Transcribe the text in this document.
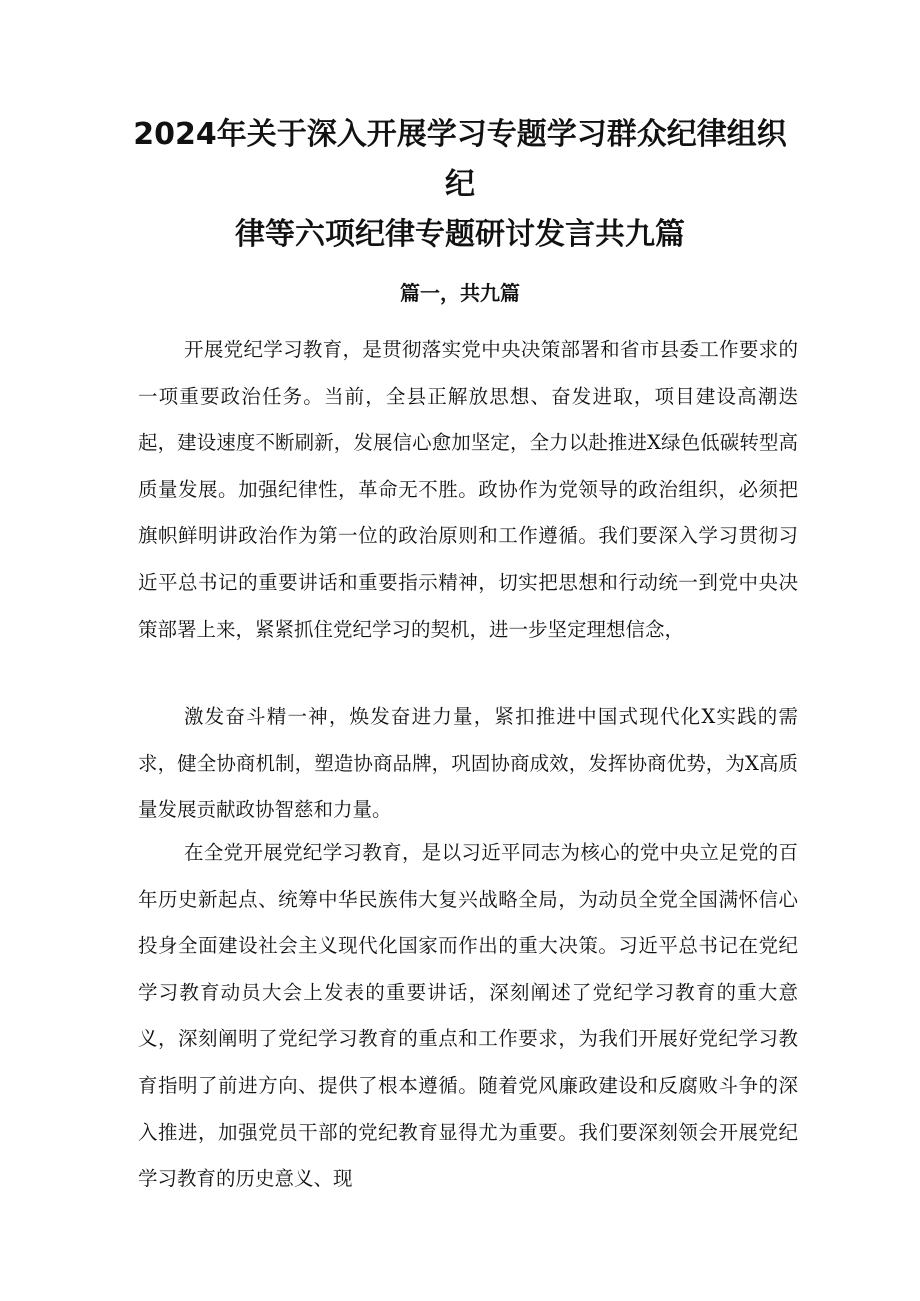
2024年关于深入开展学习专题学习群众纪律组织纪
律等六项纪律专题研讨发言共九篇
篇一，共九篇

开展党纪学习教育，是贯彻落实党中央决策部署和省市县委工作要求的一项重要政治任务。当前，全县正解放思想、奋发进取，项目建设高潮迭起，建设速度不断刷新，发展信心愈加坚定，全力以赴推进X绿色低碳转型高质量发展。加强纪律性，革命无不胜。政协作为党领导的政治组织，必须把旗帜鲜明讲政治作为第一位的政治原则和工作遵循。我们要深入学习贯彻习近平总书记的重要讲话和重要指示精神，切实把思想和行动统一到党中央决策部署上来，紧紧抓住党纪学习的契机，进一步坚定理想信念，

激发奋斗精一神，焕发奋进力量，紧扣推进中国式现代化X实践的需求，健全协商机制，塑造协商品牌，巩固协商成效，发挥协商优势，为X高质量发展贡献政协智慈和力量。

在全党开展党纪学习教育，是以习近平同志为核心的党中央立足党的百年历史新起点、统筹中华民族伟大复兴战略全局，为动员全党全国满怀信心投身全面建设社会主义现代化国家而作出的重大决策。习近平总书记在党纪学习教育动员大会上发表的重要讲话，深刻阐述了党纪学习教育的重大意义，深刻阐明了党纪学习教育的重点和工作要求，为我们开展好党纪学习教育指明了前进方向、提供了根本遵循。随着党风廉政建设和反腐败斗争的深入推进，加强党员干部的党纪教育显得尤为重要。我们要深刻领会开展党纪学习教育的历史意义、现
